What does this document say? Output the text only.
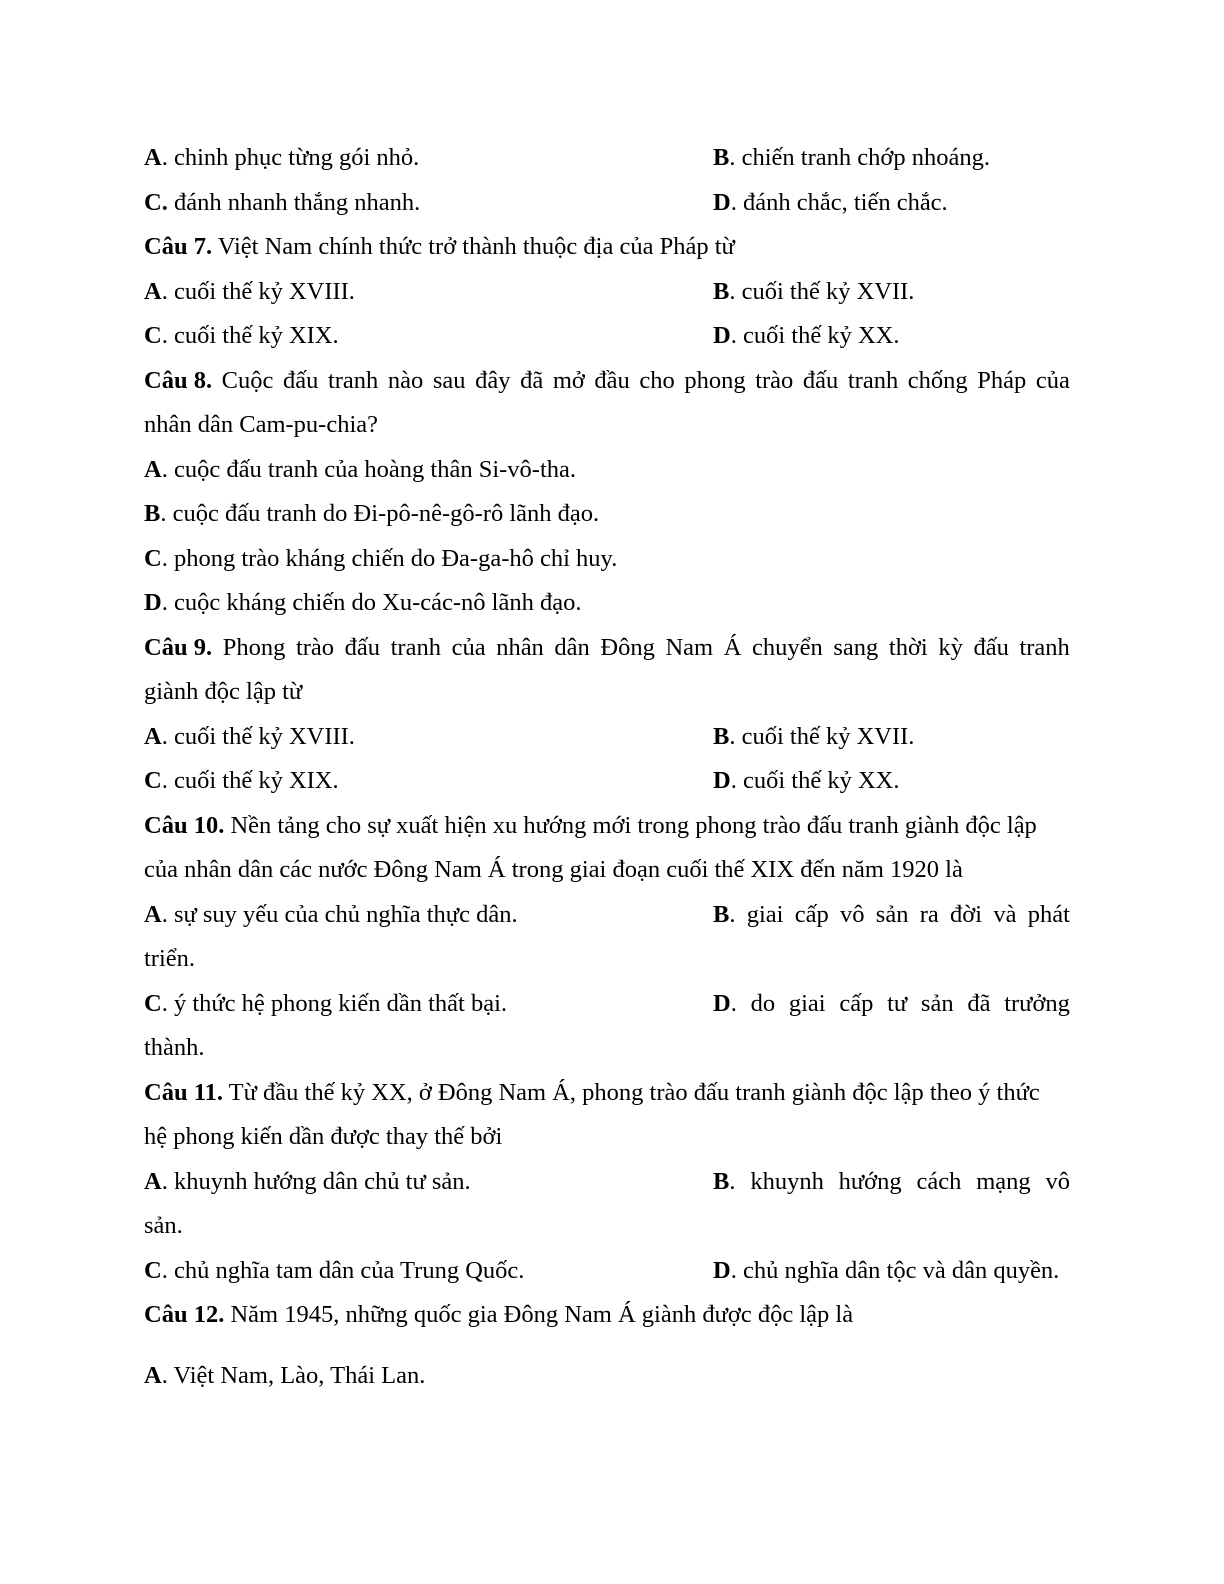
A. chinh phục từng gói nhỏ.	B. chiến tranh chớp nhoáng.
C. đánh nhanh thắng nhanh.	D. đánh chắc, tiến chắc.
Câu 7. Việt Nam chính thức trở thành thuộc địa của Pháp từ
A. cuối thế kỷ XVIII.	B. cuối thế kỷ XVII.
C. cuối thế kỷ XIX.	D. cuối thế kỷ XX.
Câu 8. Cuộc đấu tranh nào sau đây đã mở đầu cho phong trào đấu tranh chống Pháp của
nhân dân Cam-pu-chia?
A. cuộc đấu tranh của hoàng thân Si-vô-tha.
B. cuộc đấu tranh do Đi-pô-nê-gô-rô lãnh đạo.
C. phong trào kháng chiến do Đa-ga-hô chỉ huy.
D. cuộc kháng chiến do Xu-các-nô lãnh đạo.
Câu 9. Phong trào đấu tranh của nhân dân Đông Nam Á chuyển sang thời kỳ đấu tranh
giành độc lập từ
A. cuối thế kỷ XVIII.	B. cuối thế kỷ XVII.
C. cuối thế kỷ XIX.	D. cuối thế kỷ XX.
Câu 10. Nền tảng cho sự xuất hiện xu hướng mới trong phong trào đấu tranh giành độc lập
của nhân dân các nước Đông Nam Á trong giai đoạn cuối thế XIX đến năm 1920 là
A. sự suy yếu của chủ nghĩa thực dân.	B. giai cấp vô sản ra đời và phát
triển.
C. ý thức hệ phong kiến dần thất bại.	D. do giai cấp tư sản đã trưởng
thành.
Câu 11. Từ đầu thế kỷ XX, ở Đông Nam Á, phong trào đấu tranh giành độc lập theo ý thức
hệ phong kiến dần được thay thế bởi
A. khuynh hướng dân chủ tư sản.	B. khuynh hướng cách mạng vô
sản.
C. chủ nghĩa tam dân của Trung Quốc.	D. chủ nghĩa dân tộc và dân quyền.
Câu 12. Năm 1945, những quốc gia Đông Nam Á giành được độc lập là
A. Việt Nam, Lào, Thái Lan.
